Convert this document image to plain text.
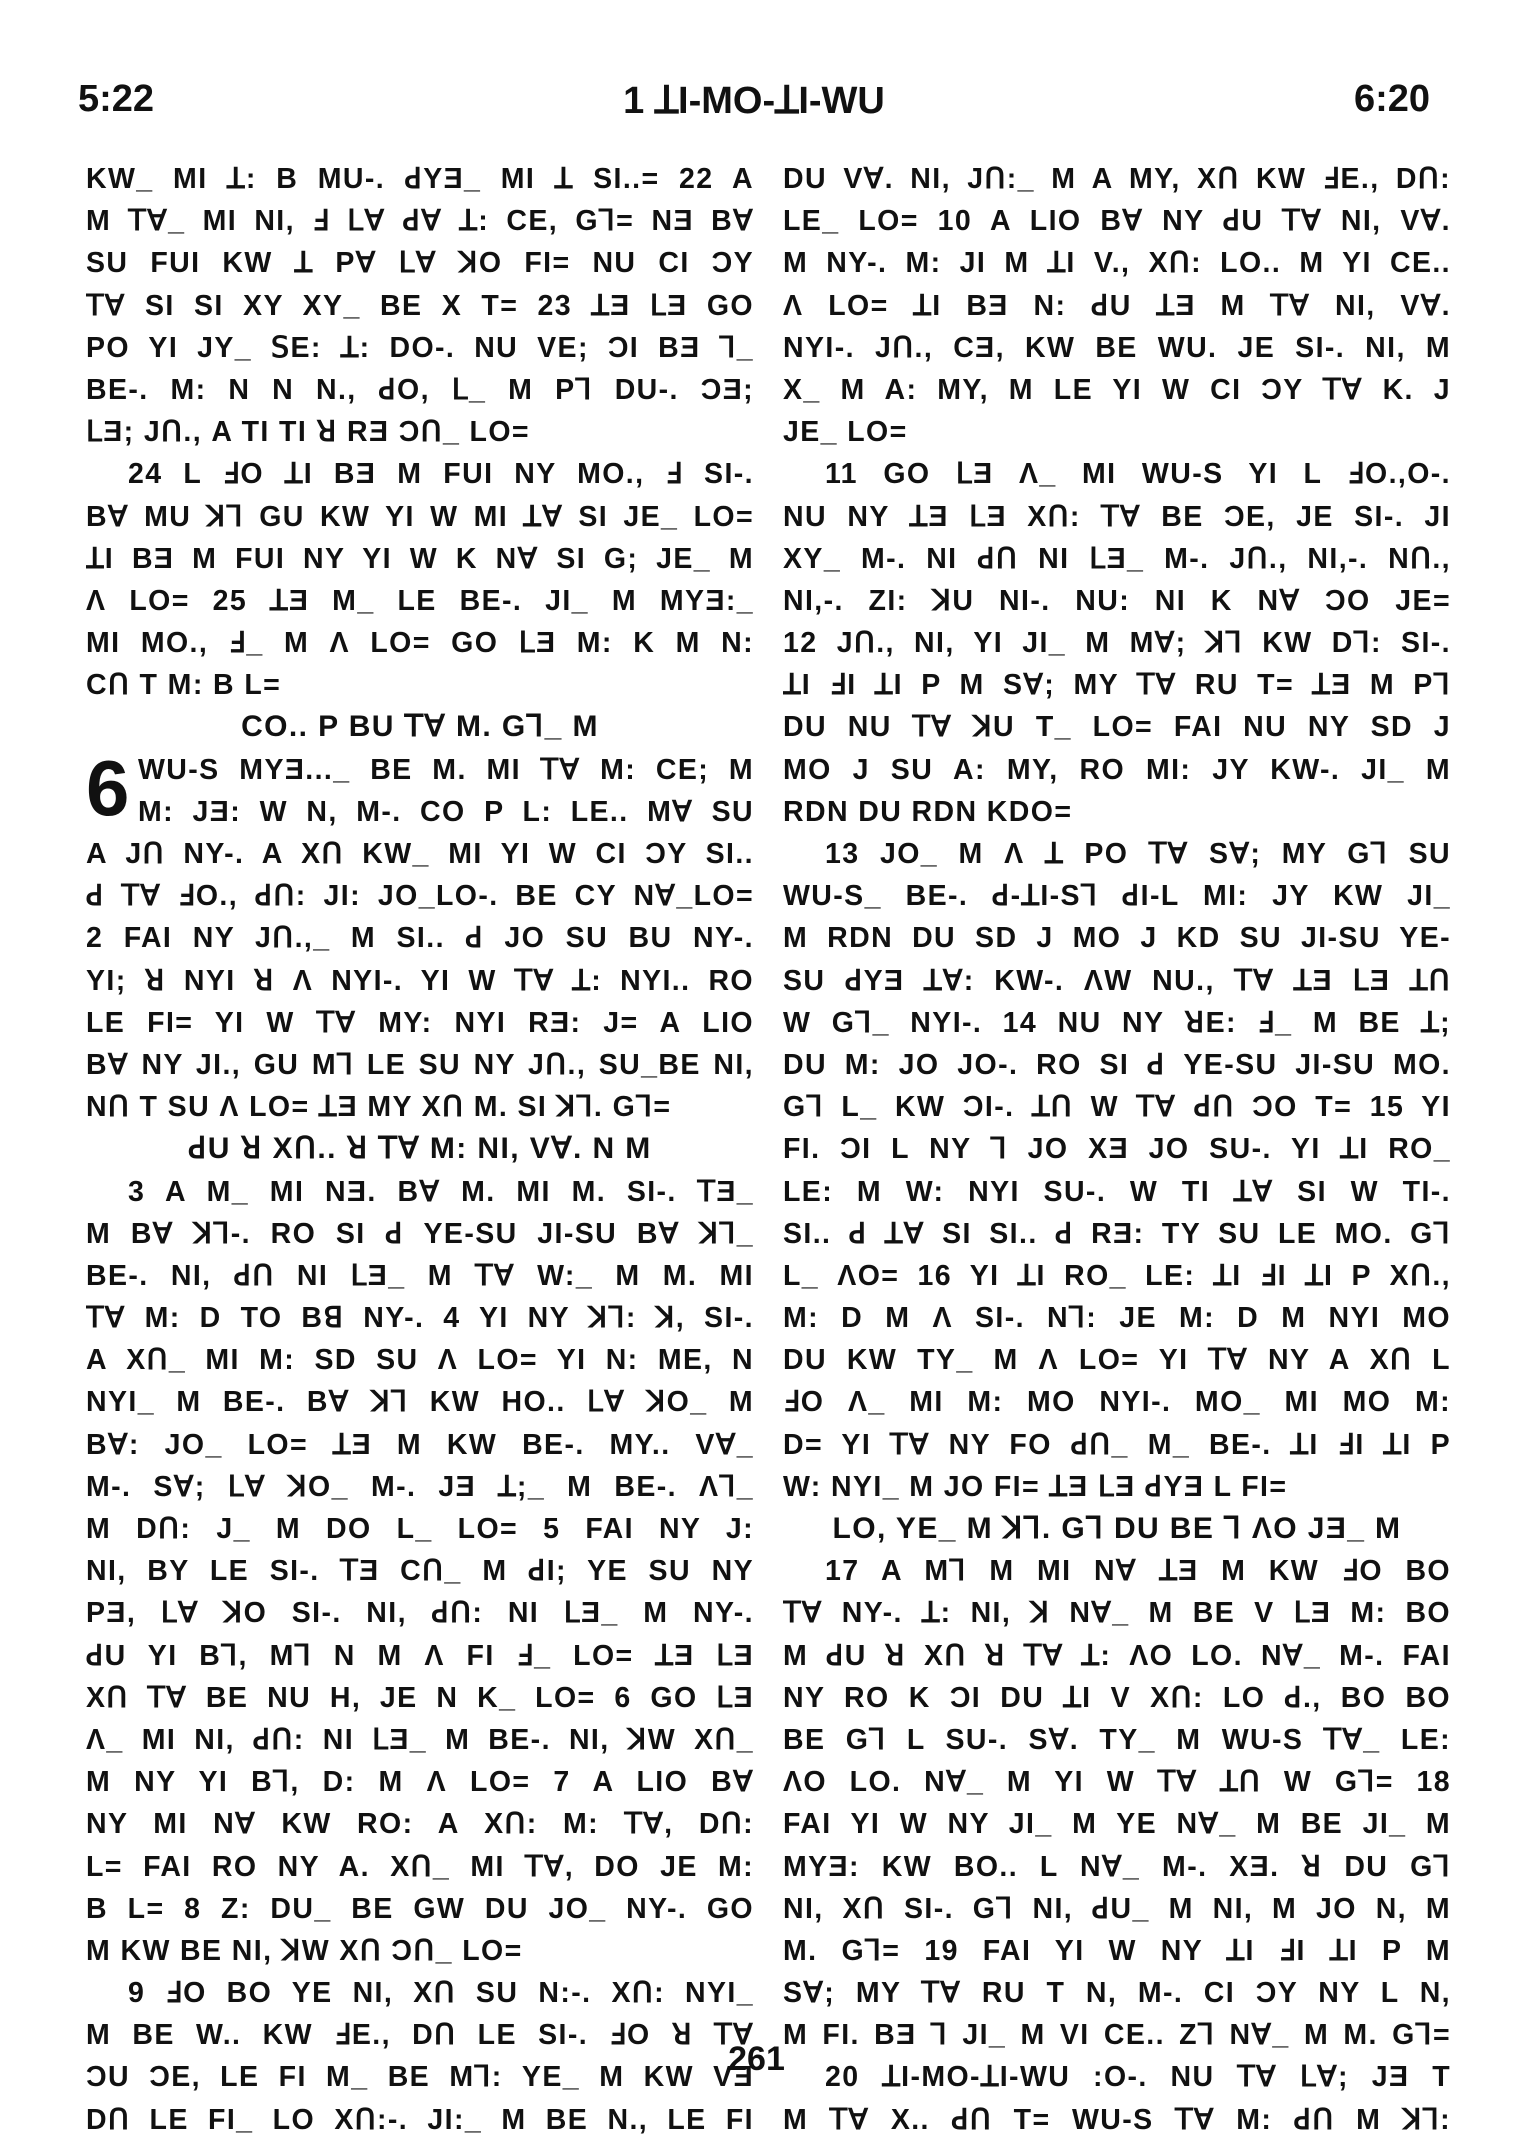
5:22	1 ꓕI-MO-ꓕI-WU	6:20
KW_ MI ꓕ: B MU-. ꓒYƎ_ MI ꓕ SI..= 22 A
M ꓔꓯ_ MI NI, ꓞ ꓡꓯ ꓒꓯ ꓕ: CE, Gꓶ= NƎ Bꓯ
SU FUI KW ꓕ Pꓯ ꓡꓯ ꓘO FI= NU CI ƆY
ꓔꓯ SI SI XY XY_ BE X T= 23 ꓕƎ ꓡƎ GO
PO YI JY_ ꓢE: ꓕ: DO-. NU VE; ƆI BƎ ꓶ_
BE-. M: N N N., ꓒO, ꓡ_ M Pꓶ DU-. ƆƎ;
ꓡƎ; JՈ., A TI TI ꓤ RƎ ƆՈ_ LO=
24 L ꓞO ꓕI BƎ M FUI NY MO., ꓞ SI-.
Bꓯ MU ꓘꓶ GU KW YI W MI ꓕꓯ SI JE_ LO=
ꓕI BƎ M FUI NY YI W K Nꓯ SI G; JE_ M
Ʌ LO= 25 ꓕƎ M_ LE BE-. JI_ M MYƎ:_
MI MO., ꓞ_ M Ʌ LO= GO ꓡƎ M: K M N:
CՈ T M: B L=
CO.. P BU ꓔꓯ M. Gꓶ_ M
6 WU-S MYƎ..._ BE M. MI ꓔꓯ M: CE; M
M: JƎ: W N, M-. CO P L: LE.. Mꓯ SU
A JՈ NY-. A XՈ KW_ MI YI W CI ƆY SI..
ꓒ ꓔꓯ ꓞO., ꓒՈ: JI: JO_LO-. BE CY Nꓯ_LO=
2 FAI NY JՈ.,_ M SI.. ꓒ JO SU BU NY-.
YI; ꓤ NYI ꓤ Ʌ NYI-. YI W ꓔꓯ ꓕ: NYI.. RO
LE FI= YI W ꓔꓯ MY: NYI RƎ: J= A LIO
Bꓯ NY JI., GU Mꓶ LE SU NY JՈ., SU_BE NI,
NՈ T SU Ʌ LO= ꓕƎ MY XՈ M. SI ꓘꓶ. Gꓶ=
ꓒU ꓤ XՈ.. ꓤ ꓔꓯ M: NI, Vꓯ. N M
3 A M_ MI NƎ. Bꓯ M. MI M. SI-. ꓔƎ_
M Bꓯ ꓘꓶ-. RO SI ꓒ YE-SU JI-SU Bꓯ ꓘꓶ_
BE-. NI, ꓒՈ NI ꓡƎ_ M ꓔꓯ W:_ M M. MI
ꓔꓯ M: D TO Bꓭ NY-. 4 YI NY ꓘꓶ: ꓘ, SI-.
A XՈ_ MI M: SD SU Ʌ LO= YI N: ME, N
NYI_ M BE-. Bꓯ ꓘꓶ KW HO.. ꓡꓯ ꓘO_ M
Bꓯ: JO_ LO= ꓕƎ M KW BE-. MY.. Vꓯ_
M-. Sꓯ; ꓡꓯ ꓘO_ M-. JƎ ꓕ;_ M BE-. Ʌꓶ_
M DՈ: J_ M DO L_ LO= 5 FAI NY J:
NI, BY LE SI-. ꓔƎ CՈ_ M ꓒI; YE SU NY
PƎ, ꓡꓯ ꓘO SI-. NI, ꓒՈ: NI ꓡƎ_ M NY-.
ꓒU YI Bꓶ, Mꓶ N M Ʌ FI ꓞ_ LO= ꓕƎ ꓡƎ
XՈ ꓔꓯ BE NU H, JE N K_ LO= 6 GO ꓡƎ
Ʌ_ MI NI, ꓒՈ: NI ꓡƎ_ M BE-. NI, ꓘW XՈ_
M NY YI Bꓶ, D: M Ʌ LO= 7 A LIO Bꓯ
NY MI Nꓯ KW RO: A XՈ: M: ꓔꓯ, DՈ:
L= FAI RO NY A. XՈ_ MI ꓔꓯ, DO JE M:
B L= 8 Z: DU_ BE GW DU JO_ NY-. GO
M KW BE NI, ꓘW XՈ ƆՈ_ LO=
9 ꓞO BO YE NI, XՈ SU N:-. XՈ: NYI_
M BE W.. KW ꓞE., DՈ LE SI-. ꓞO ꓤ ꓔꓯ
ƆU ƆE, LE FI M_ BE Mꓶ: YE_ M KW VƎ
DՈ LE FI_ LO XՈ:-. JI:_ M BE N., LE FI
DU Vꓯ. NI, JՈ:_ M A MY, XՈ KW ꓞE., DՈ:
LE_ LO= 10 A LIO Bꓯ NY ꓒU ꓔꓯ NI, Vꓯ.
M NY-. M: JI M ꓕI V., XՈ: LO.. M YI CE..
Ʌ LO= ꓕI BƎ N: ꓒU ꓕƎ M ꓔꓯ NI, Vꓯ.
NYI-. JՈ., CƎ, KW BE WU. JE SI-. NI, M
X_ M A: MY, M LE YI W CI ƆY ꓔꓯ K. J
JE_ LO=
11 GO ꓡƎ Ʌ_ MI WU-S YI L ꓞO.,O-.
NU NY ꓕƎ ꓡƎ XՈ: ꓔꓯ BE ƆE, JE SI-. JI
XY_ M-. NI ꓒՈ NI ꓡƎ_ M-. JՈ., NI,-. NՈ.,
NI,-. ZI: ꓘU NI-. NU: NI K Nꓯ ƆO JE=
12 JՈ., NI, YI JI_ M Mꓯ; ꓘꓶ KW Dꓶ: SI-.
ꓕI ꓞI ꓕI P M Sꓯ; MY ꓔꓯ RU T= ꓕƎ M Pꓶ
DU NU ꓔꓯ ꓘU T_ LO= FAI NU NY SD J
MO J SU A: MY, RO MI: JY KW-. JI_ M
RDN DU RDN KDO=
13 JO_ M Ʌ ꓕ PO ꓔꓯ Sꓯ; MY Gꓶ SU
WU-S_ BE-. ꓒ-ꓕI-Sꓶ ꓒI-L MI: JY KW JI_
M RDN DU SD J MO J KD SU JI-SU YE-
SU ꓒYƎ ꓕꓯ: KW-. ɅW NU., ꓔꓯ ꓕƎ ꓡƎ ꓕՈ
W Gꓶ_ NYI-. 14 NU NY ꓤE: ꓞ_ M BE ꓕ;
DU M: JO JO-. RO SI ꓒ YE-SU JI-SU MO.
Gꓶ L_ KW ƆI-. ꓕՈ W ꓔꓯ ꓒՈ ƆO T= 15 YI
FI. ƆI L NY ꓶ JO XƎ JO SU-. YI ꓕI RO_
LE: M W: NYI SU-. W TI ꓕꓯ SI W TI-.
SI.. ꓒ ꓕꓯ SI SI.. ꓒ RƎ: TY SU LE MO. Gꓶ
L_ ɅO= 16 YI ꓕI RO_ LE: ꓕI ꓞI ꓕI P XՈ.,
M: D M Ʌ SI-. Nꓶ: JE M: D M NYI MO
DU KW TY_ M Ʌ LO= YI ꓔꓯ NY A XՈ L
ꓞO Ʌ_ MI M: MO NYI-. MO_ MI MO M:
D= YI ꓔꓯ NY FO ꓒՈ_ M_ BE-. ꓕI ꓞI ꓕI P
W: NYI_ M JO FI= ꓕƎ ꓡƎ ꓒYƎ L FI=
LO, YE_ M ꓘꓶ. Gꓶ DU BE ꓶ ɅO JƎ_ M
17 A Mꓶ M MI Nꓯ ꓕƎ M KW ꓞO BO
ꓔꓯ NY-. ꓕ: NI, ꓘ Nꓯ_ M BE V ꓡƎ M: BO
M ꓒU ꓤ XՈ ꓤ ꓔꓯ ꓕ: ɅO LO. Nꓯ_ M-. FAI
NY RO K ƆI DU ꓕI V XՈ: LO ꓒ., BO BO
BE Gꓶ L SU-. Sꓯ. TY_ M WU-S ꓔꓯ_ LE:
ɅO LO. Nꓯ_ M YI W ꓔꓯ ꓕՈ W Gꓶ= 18
FAI YI W NY JI_ M YE Nꓯ_ M BE JI_ M
MYƎ: KW BO.. L Nꓯ_ M-. XƎ. ꓤ DU Gꓶ
NI, XՈ SI-. Gꓶ NI, ꓒU_ M NI, M JO N, M
M. Gꓶ= 19 FAI YI W NY ꓕI ꓞI ꓕI P M
Sꓯ; MY ꓔꓯ RU T N, M-. CI ƆY NY L N,
M FI. BƎ ꓶ JI_ M VI CE.. Zꓶ Nꓯ_ M M. Gꓶ=
20 ꓕI-MO-ꓕI-WU :O-. NU ꓔꓯ ꓡꓯ; JƎ T
M ꓔꓯ X.. ꓒՈ T= WU-S ꓔꓯ M: ꓒՈ M ꓘꓶ:
261
